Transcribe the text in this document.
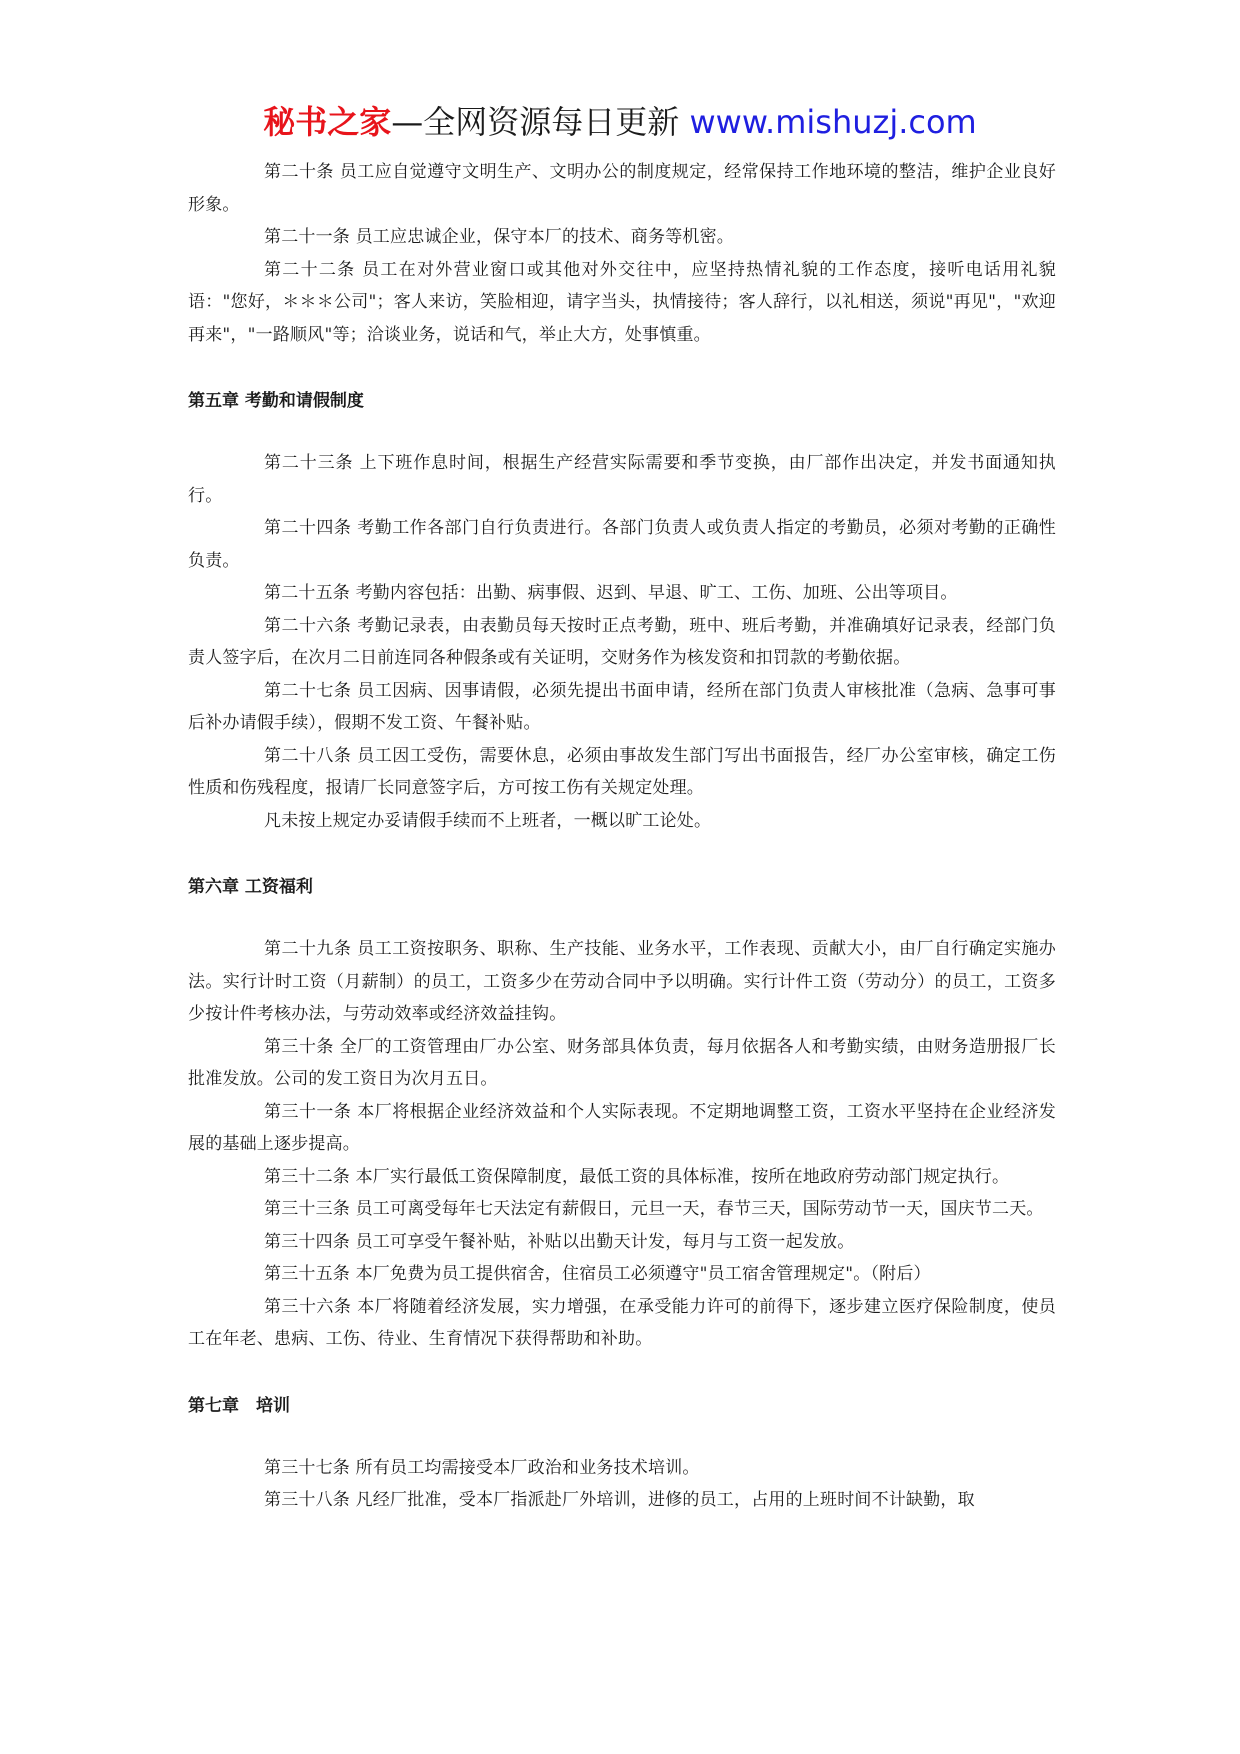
秘书之家—全网资源每日更新 www.mishuzj.com

第二十条 员工应自觉遵守文明生产、文明办公的制度规定，经常保持工作地环境的整洁，维护企业良好形象。

第二十一条 员工应忠诚企业，保守本厂的技术、商务等机密。

第二十二条 员工在对外营业窗口或其他对外交往中，应坚持热情礼貌的工作态度，接听电话用礼貌语："您好，＊＊＊公司"；客人来访，笑脸相迎，请字当头，执情接待；客人辞行，以礼相送，须说"再见"，"欢迎再来"，"一路顺风"等；洽谈业务，说话和气，举止大方，处事慎重。

第五章 考勤和请假制度

第二十三条 上下班作息时间，根据生产经营实际需要和季节变换，由厂部作出决定，并发书面通知执行。

第二十四条 考勤工作各部门自行负责进行。各部门负责人或负责人指定的考勤员，必须对考勤的正确性负责。

第二十五条 考勤内容包括：出勤、病事假、迟到、早退、旷工、工伤、加班、公出等项目。

第二十六条 考勤记录表，由表勤员每天按时正点考勤，班中、班后考勤，并准确填好记录表，经部门负责人签字后，在次月二日前连同各种假条或有关证明，交财务作为核发资和扣罚款的考勤依据。

第二十七条 员工因病、因事请假，必须先提出书面申请，经所在部门负责人审核批准（急病、急事可事后补办请假手续），假期不发工资、午餐补贴。

第二十八条 员工因工受伤，需要休息，必须由事故发生部门写出书面报告，经厂办公室审核，确定工伤性质和伤残程度，报请厂长同意签字后，方可按工伤有关规定处理。

凡未按上规定办妥请假手续而不上班者，一概以旷工论处。

第六章 工资福利

第二十九条 员工工资按职务、职称、生产技能、业务水平，工作表现、贡献大小，由厂自行确定实施办法。实行计时工资（月薪制）的员工，工资多少在劳动合同中予以明确。实行计件工资（劳动分）的员工，工资多少按计件考核办法，与劳动效率或经济效益挂钩。

第三十条 全厂的工资管理由厂办公室、财务部具体负责，每月依据各人和考勤实绩，由财务造册报厂长批准发放。公司的发工资日为次月五日。

第三十一条 本厂将根据企业经济效益和个人实际表现。不定期地调整工资，工资水平坚持在企业经济发展的基础上逐步提高。

第三十二条 本厂实行最低工资保障制度，最低工资的具体标准，按所在地政府劳动部门规定执行。

第三十三条 员工可离受每年七天法定有薪假日，元旦一天，春节三天，国际劳动节一天，国庆节二天。

第三十四条 员工可享受午餐补贴，补贴以出勤天计发，每月与工资一起发放。

第三十五条 本厂免费为员工提供宿舍，住宿员工必须遵守"员工宿舍管理规定"。（附后）

第三十六条 本厂将随着经济发展，实力增强，在承受能力许可的前得下，逐步建立医疗保险制度，使员工在年老、患病、工伤、待业、生育情况下获得帮助和补助。

第七章　培训

第三十七条 所有员工均需接受本厂政治和业务技术培训。

第三十八条 凡经厂批准，受本厂指派赴厂外培训，进修的员工，占用的上班时间不计缺勤，取
